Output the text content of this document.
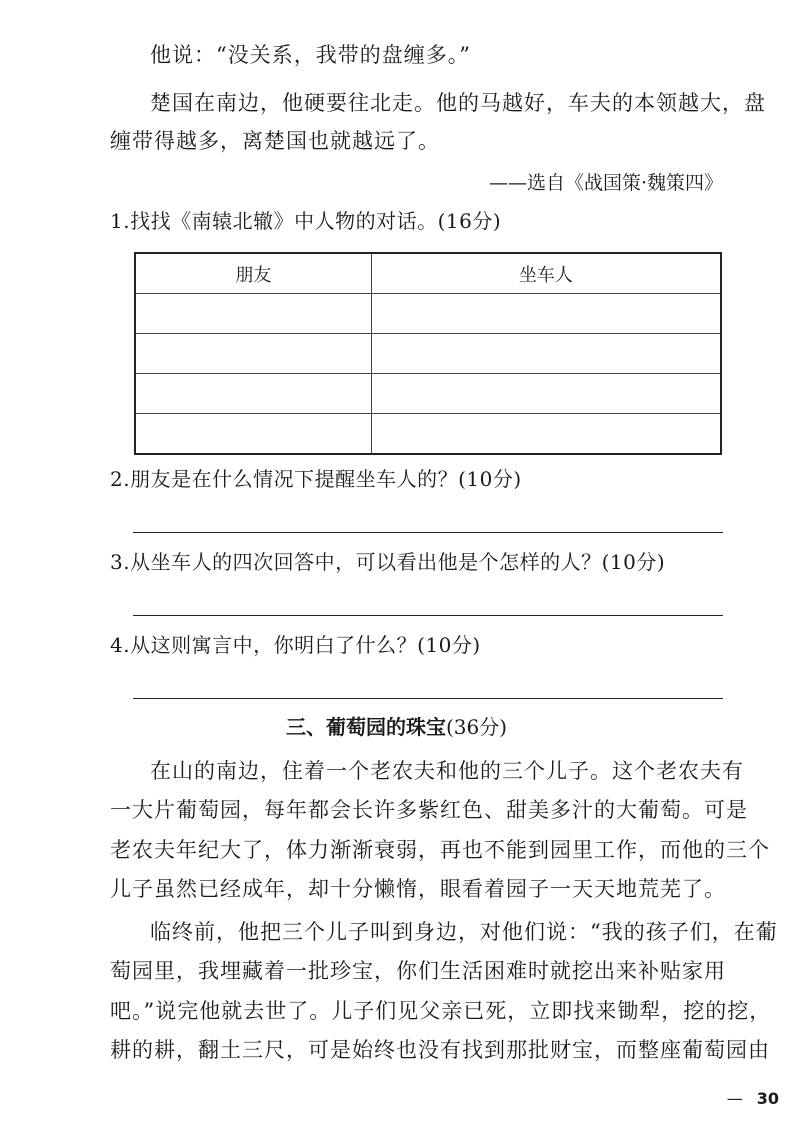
他说：“没关系，我带的盘缠多。”
楚国在南边，他硬要往北走。他的马越好，车夫的本领越大，盘
缠带得越多，离楚国也就越远了。
——选自《战国策·魏策四》
1.找找《南辕北辙》中人物的对话。(16分)
朋友	坐车人

2.朋友是在什么情况下提醒坐车人的？(10分)
3.从坐车人的四次回答中，可以看出他是个怎样的人？(10分)
4.从这则寓言中，你明白了什么？(10分)
三、葡萄园的珠宝(36分)
在山的南边，住着一个老农夫和他的三个儿子。这个老农夫有
一大片葡萄园，每年都会长许多紫红色、甜美多汁的大葡萄。可是
老农夫年纪大了，体力渐渐衰弱，再也不能到园里工作，而他的三个
儿子虽然已经成年，却十分懒惰，眼看着园子一天天地荒芜了。
临终前，他把三个儿子叫到身边，对他们说：“我的孩子们，在葡
萄园里，我埋藏着一批珍宝，你们生活困难时就挖出来补贴家用
吧。”说完他就去世了。儿子们见父亲已死，立即找来锄犁，挖的挖，
耕的耕，翻土三尺，可是始终也没有找到那批财宝，而整座葡萄园由
— 30
